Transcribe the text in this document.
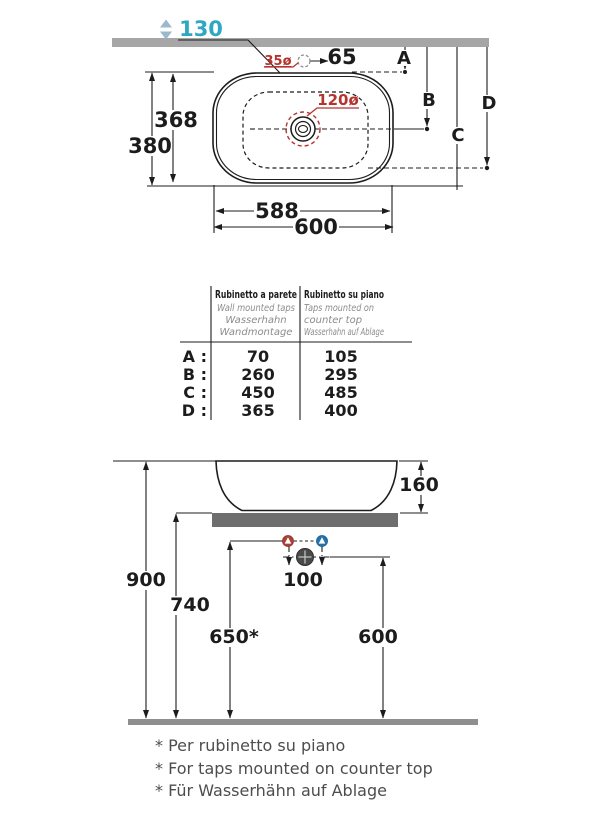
130
35ø 65
120ø
A
B
C
D
368
380
588
600
Rubinetto a parete
Wall mounted taps
Wasserhahn
Wandmontage
Rubinetto su piano
Taps mounted on
counter top
Wasserhahn auf Ablage
A : 70	105
B : 260	295
C : 450	485
D : 365	400
160
100
900
740
650*	600
* Per rubinetto su piano
* For taps mounted on counter top
* Für Wasserhähn auf Ablage
